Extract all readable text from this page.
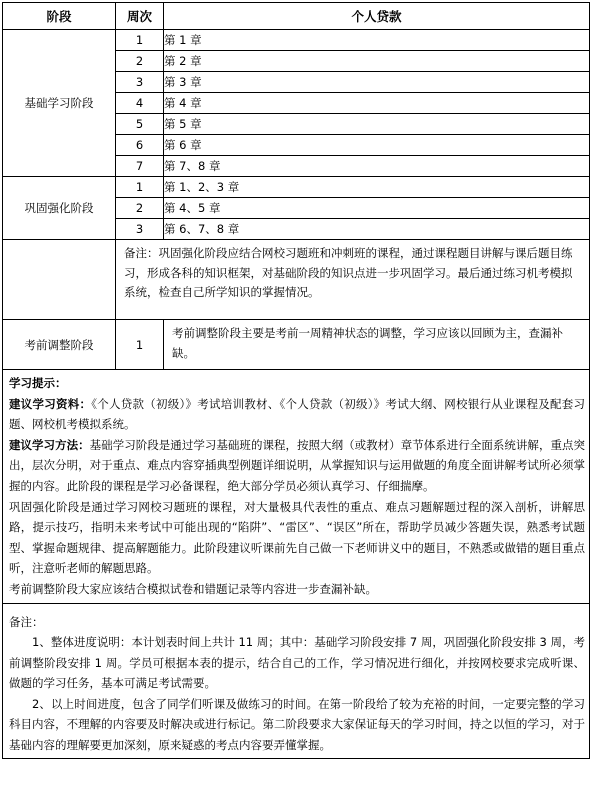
阶段	周次	个人贷款
基础学习阶段	1	第 1 章
	2	第 2 章
	3	第 3 章
	4	第 4 章
	5	第 5 章
	6	第 6 章
	7	第 7、8 章
巩固强化阶段	1	第 1、2、3 章
	2	第 4、5 章
	3	第 6、7、8 章
	备注：巩固强化阶段应结合网校习题班和冲刺班的课程，通过课程题目讲解与课后题目练习，形成各科的知识框架，对基础阶段的知识点进一步巩固学习。最后通过练习机考模拟系统，检查自己所学知识的掌握情况。	
考前调整阶段	1	考前调整阶段主要是考前一周精神状态的调整，学习应该以回顾为主，查漏补缺。

学习提示：

建议学习资料：《个人贷款（初级）》考试培训教材、《个人贷款（初级）》考试大纲、网校银行从业课程及配套习题、网校机考模拟系统。

建议学习方法：基础学习阶段是通过学习基础班的课程，按照大纲（或教材）章节体系进行全面系统讲解，重点突出，层次分明，对于重点、难点内容穿插典型例题详细说明，从掌握知识与运用做题的角度全面讲解考试所必须掌握的内容。此阶段的课程是学习必备课程，绝大部分学员必须认真学习、仔细揣摩。

巩固强化阶段是通过学习网校习题班的课程，对大量极具代表性的重点、难点习题解题过程的深入剖析，讲解思路，提示技巧，指明未来考试中可能出现的“陷阱”、“雷区”、“误区”所在，帮助学员减少答题失误，熟悉考试题型、掌握命题规律、提高解题能力。此阶段建议听课前先自己做一下老师讲义中的题目，不熟悉或做错的题目重点听，注意听老师的解题思路。

考前调整阶段大家应该结合模拟试卷和错题记录等内容进一步查漏补缺。		

备注：

1、整体进度说明：本计划表时间上共计 11 周；其中：基础学习阶段安排 7 周，巩固强化阶段安排 3 周，考前调整阶段安排 1 周。学员可根据本表的提示，结合自己的工作，学习情况进行细化，并按网校要求完成听课、做题的学习任务，基本可满足考试需要。

2、以上时间进度，包含了同学们听课及做练习的时间。在第一阶段给了较为充裕的时间，一定要完整的学习科目内容，不理解的内容要及时解决或进行标记。第二阶段要求大家保证每天的学习时间，持之以恒的学习，对于基础内容的理解要更加深刻，原来疑惑的考点内容要弄懂掌握。		
